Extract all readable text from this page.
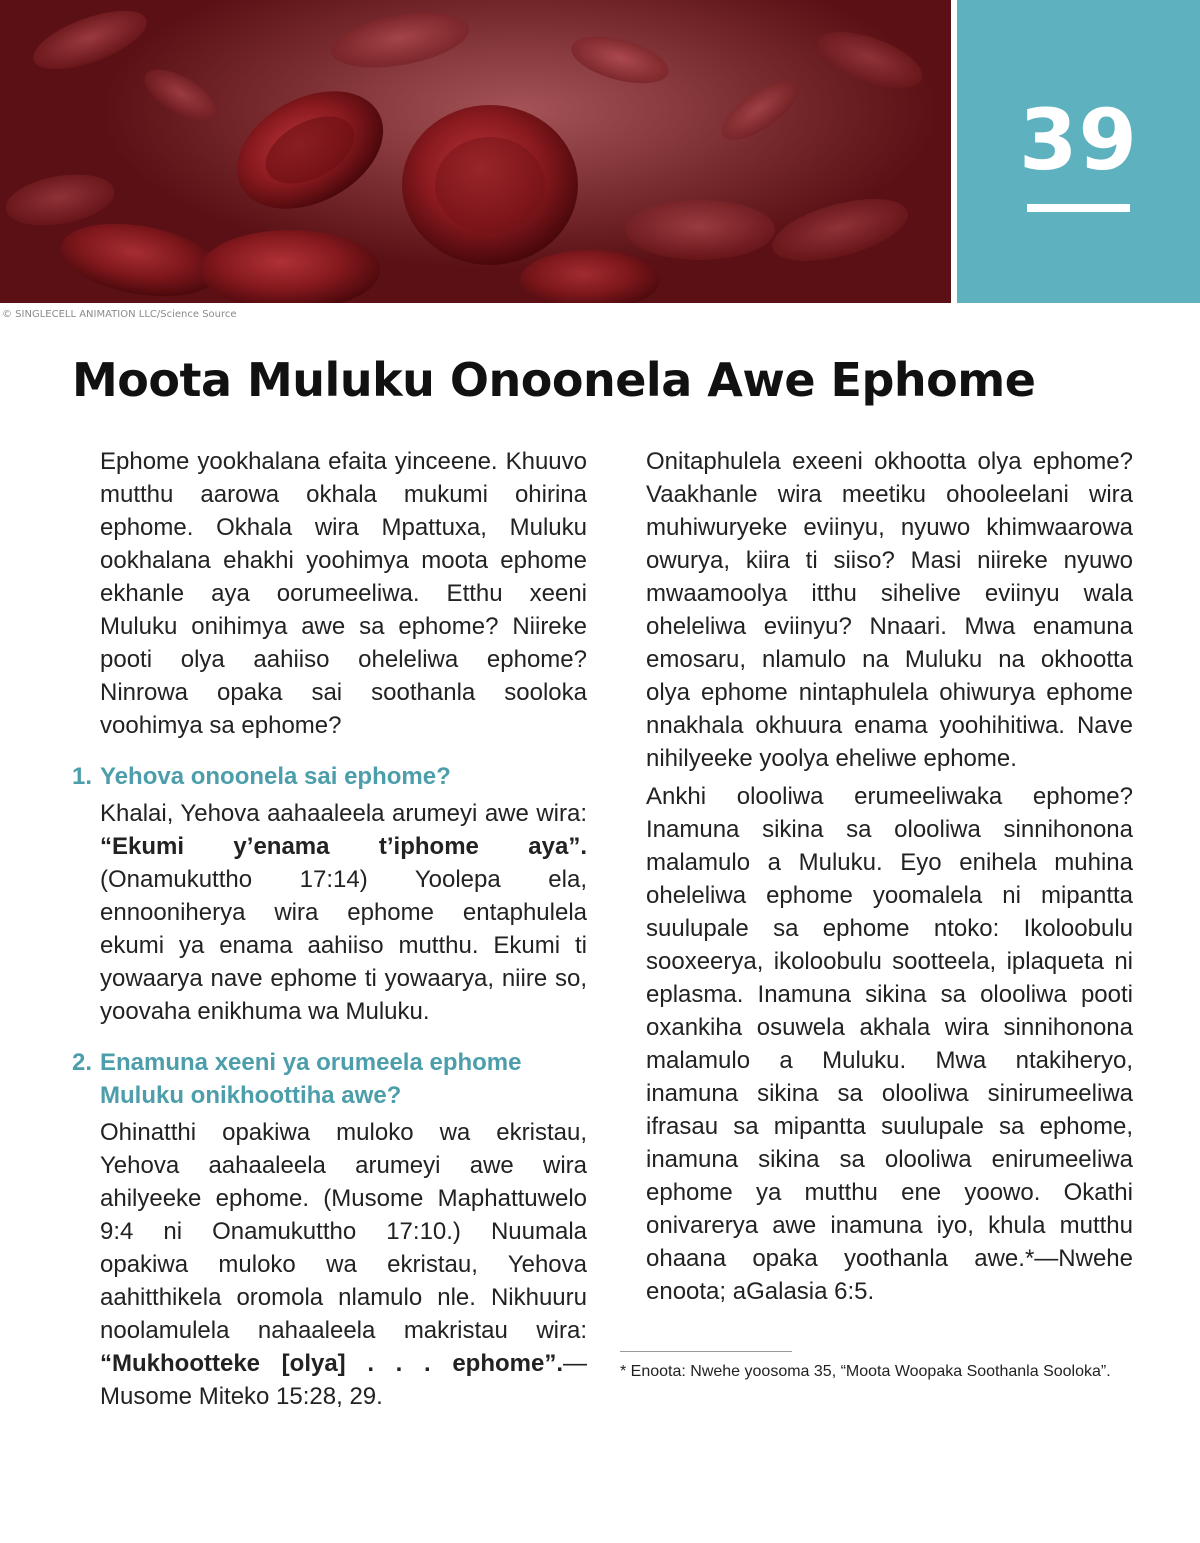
39
© SINGLECELL ANIMATION LLC/Science Source
Moota Muluku Onoonela Awe Ephome

Ephome yookhalana efaita yinceene. Khuuvo mutthu aarowa okhala mukumi ohirina ephome. Okhala wira Mpattuxa, Muluku ookhalana ehakhi yoohimya moota ephome ekhanle aya oorumeeliwa. Etthu xeeni Muluku onihimya awe sa ephome? Niireke pooti olya aahiiso oheleliwa ephome? Ninrowa opaka sai soothanla sooloka voohimya sa ephome?

1. Yehova onoonela sai ephome?

Khalai, Yehova aahaaleela arumeyi awe wira: “Ekumi y’enama t’iphome aya”. (Onamukuttho 17:14) Yoolepa ela, ennooniherya wira ephome entaphulela ekumi ya enama aahiiso mutthu. Ekumi ti yowaarya nave ephome ti yowaarya, niire so, yoovaha enikhuma wa Muluku.

2. Enamuna xeeni ya orumeela ephome Muluku onikhoottiha awe?

Ohinatthi opakiwa muloko wa ekristau, Yehova aahaaleela arumeyi awe wira ahilyeeke ephome. (Musome Maphattuwelo 9:4 ni Onamukuttho 17:10.) Nuumala opakiwa muloko wa ekristau, Yehova aahitthikela oromola nlamulo nle. Nikhuuru noolamulela nahaaleela makristau wira: “Mukhootteke [olya] . . . ephome”.—Musome Miteko 15:28, 29.

Onitaphulela exeeni okhootta olya ephome? Vaakhanle wira meetiku ohooleelani wira muhiwuryeke eviinyu, nyuwo khimwaarowa owurya, kiira ti siiso? Masi niireke nyuwo mwaamoolya itthu sihelive eviinyu wala oheleliwa eviinyu? Nnaari. Mwa enamuna emosaru, nlamulo na Muluku na okhootta olya ephome nintaphulela ohiwurya ephome nnakhala okhuura enama yoohihitiwa. Nave nihilyeeke yoolya eheliwe ephome.

Ankhi olooliwa erumeeliwaka ephome? Inamuna sikina sa olooliwa sinnihonona malamulo a Muluku. Eyo enihela muhina oheleliwa ephome yoomalela ni mipantta suulupale sa ephome ntoko: Ikoloobulu sooxeerya, ikoloobulu sootteela, iplaqueta ni eplasma. Inamuna sikina sa olooliwa pooti oxankiha osuwela akhala wira sinnihonona malamulo a Muluku. Mwa ntakiheryo, inamuna sikina sa olooliwa sinirumeeliwa ifrasau sa mipantta suulupale sa ephome, inamuna sikina sa olooliwa enirumeeliwa ephome ya mutthu ene yoowo. Okathi onivarerya awe inamuna iyo, khula mutthu ohaana opaka yoothanla awe.*—Nwehe enoota; aGalasia 6:5.

* Enoota: Nwehe yoosoma 35, “Moota Woopaka Soothanla Sooloka”.
